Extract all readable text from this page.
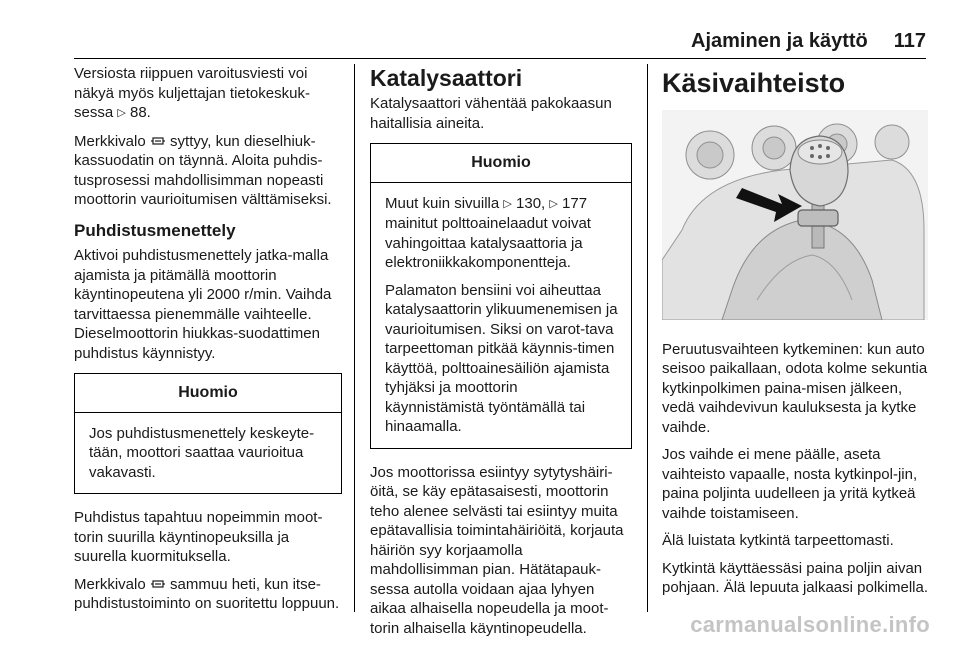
Ajaminen ja käyttö 117

Versiosta riippuen varoitusviesti voi näkyä myös kuljettajan tietokeskuk-sessa ▷ 88.

Merkkivalo syttyy, kun dieselhiuk-kassuodatin on täynnä. Aloita puhdis-tusprosessi mahdollisimman nopeasti moottorin vaurioitumisen välttämiseksi.

Puhdistusmenettely

Aktivoi puhdistusmenettely jatka-malla ajamista ja pitämällä moottorin käyntinopeutena yli 2000 r/min. Vaihda tarvittaessa pienemmälle vaihteelle. Dieselmoottorin hiukkas-suodattimen puhdistus käynnistyy.

Huomio

Jos puhdistusmenettely keskeyte-tään, moottori saattaa vaurioitua vakavasti.

Puhdistus tapahtuu nopeimmin moot-torin suurilla käyntinopeuksilla ja suurella kuormituksella.

Merkkivalo sammuu heti, kun itse-puhdistustoiminto on suoritettu loppuun.

Katalysaattori

Katalysaattori vähentää pakokaasun haitallisia aineita.

Huomio

Muut kuin sivuilla ▷ 130, ▷ 177 mainitut polttoainelaadut voivat vahingoittaa katalysaattoria ja elektroniikkakomponentteja.

Palamaton bensiini voi aiheuttaa katalysaattorin ylikuumenemisen ja vaurioitumisen. Siksi on varot-tava tarpeettoman pitkää käynnis-timen käyttöä, polttoainesäiliön ajamista tyhjäksi ja moottorin käynnistämistä työntämällä tai hinaamalla.

Jos moottorissa esiintyy sytytyshäiri-öitä, se käy epätasaisesti, moottorin teho alenee selvästi tai esiintyy muita epätavallisia toimintahäiriöitä, korjauta häiriön syy korjaamolla mahdollisimman pian. Hätätapauk-sessa autolla voidaan ajaa lyhyen aikaa alhaisella nopeudella ja moot-torin alhaisella käyntinopeudella.

Käsivaihteisto

Peruutusvaihteen kytkeminen: kun auto seisoo paikallaan, odota kolme sekuntia kytkinpolkimen paina-misen jälkeen, vedä vaihdevivun kauluksesta ja kytke vaihde.

Jos vaihde ei mene päälle, aseta vaihteisto vapaalle, nosta kytkinpol-jin, paina poljinta uudelleen ja yritä kytkeä vaihde toistamiseen.

Älä luistata kytkintä tarpeettomasti.

Kytkintä käyttäessäsi paina poljin aivan pohjaan. Älä lepuuta jalkaasi polkimella.

carmanualsonline.info
